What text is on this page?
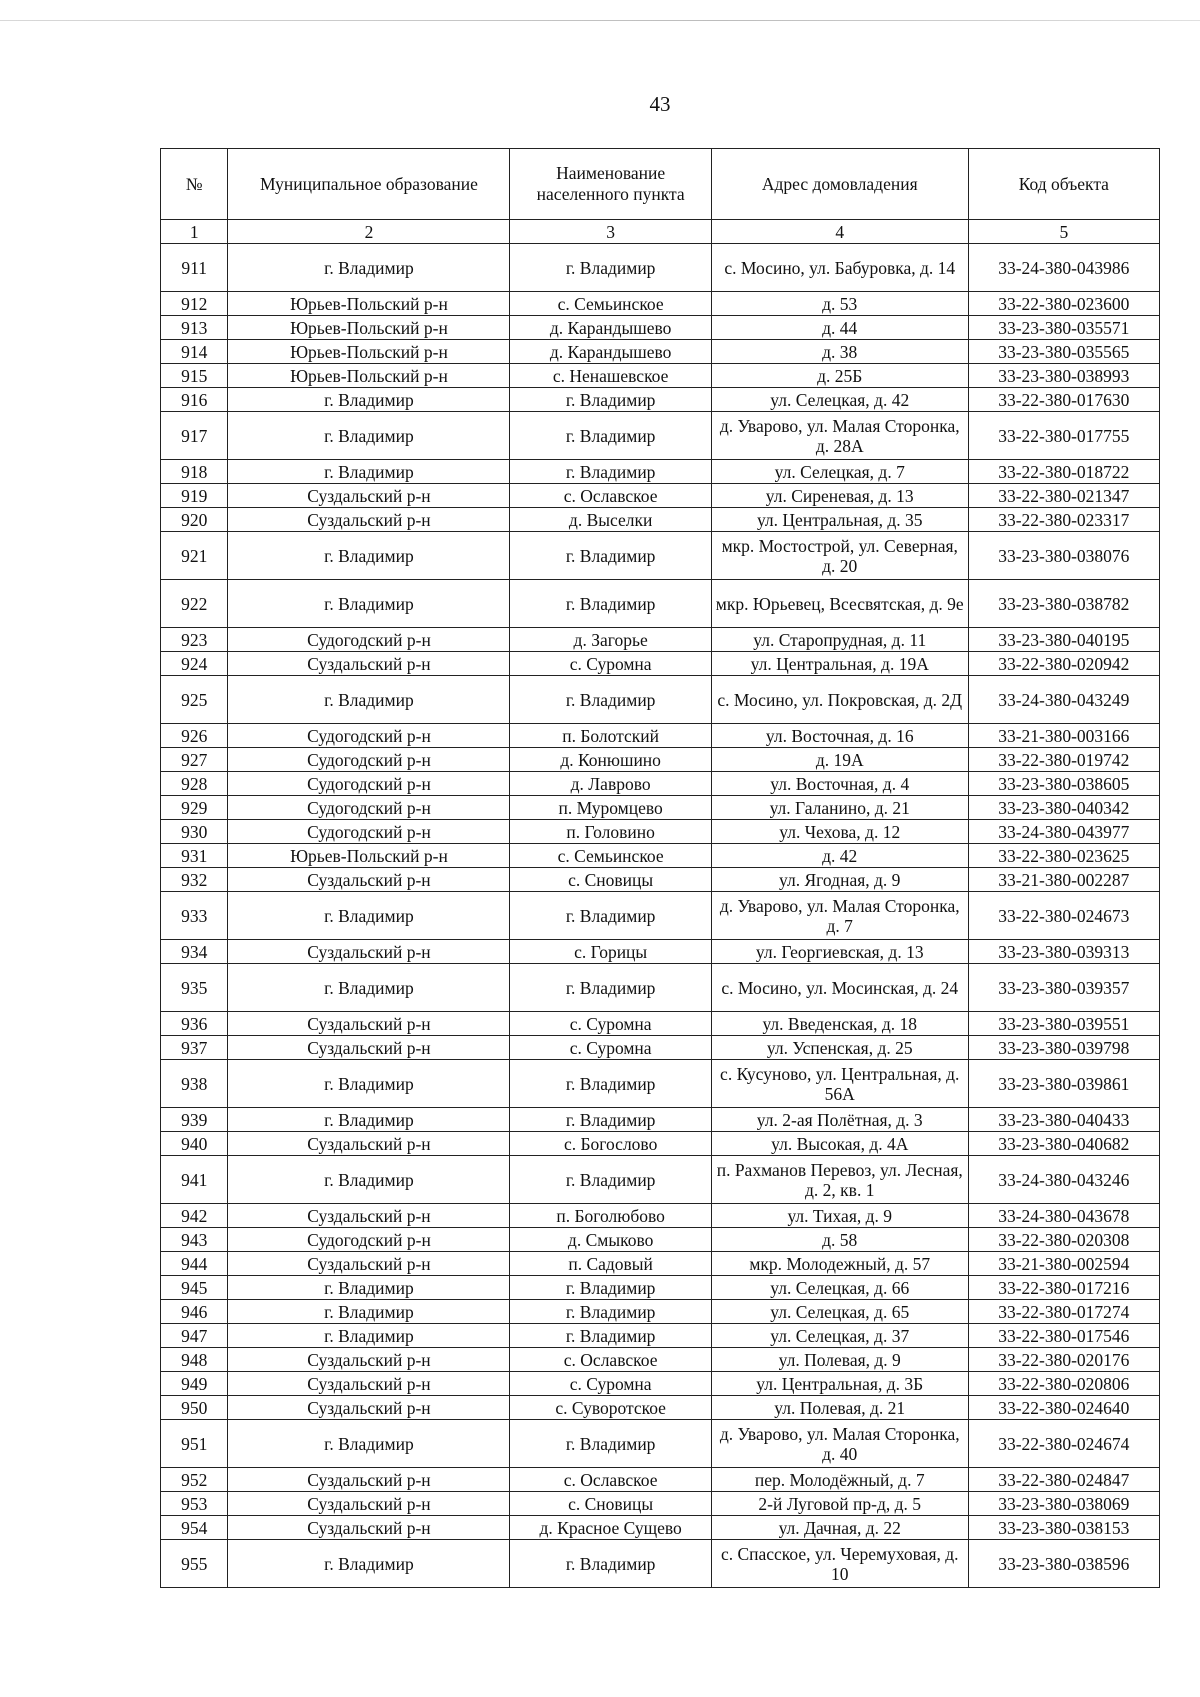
43
№	Муниципальное образование	Наименование населенного пункта	Адрес домовладения	Код объекта
1	2	3	4	5
911	г. Владимир	г. Владимир	с. Мосино, ул. Бабуровка, д. 14	33-24-380-043986
912	Юрьев-Польский р-н	с. Семьинское	д. 53	33-22-380-023600
913	Юрьев-Польский р-н	д. Карандышево	д. 44	33-23-380-035571
914	Юрьев-Польский р-н	д. Карандышево	д. 38	33-23-380-035565
915	Юрьев-Польский р-н	с. Ненашевское	д. 25Б	33-23-380-038993
916	г. Владимир	г. Владимир	ул. Селецкая, д. 42	33-22-380-017630
917	г. Владимир	г. Владимир	д. Уварово, ул. Малая Сторонка, д. 28А	33-22-380-017755
918	г. Владимир	г. Владимир	ул. Селецкая, д. 7	33-22-380-018722
919	Суздальский р-н	с. Ославское	ул. Сиреневая, д. 13	33-22-380-021347
920	Суздальский р-н	д. Выселки	ул. Центральная, д. 35	33-22-380-023317
921	г. Владимир	г. Владимир	мкр. Мостострой, ул. Северная, д. 20	33-23-380-038076
922	г. Владимир	г. Владимир	мкр. Юрьевец, Всесвятская, д. 9е	33-23-380-038782
923	Судогодский р-н	д. Загорье	ул. Старопрудная, д. 11	33-23-380-040195
924	Суздальский р-н	с. Суромна	ул. Центральная, д. 19А	33-22-380-020942
925	г. Владимир	г. Владимир	с. Мосино, ул. Покровская, д. 2Д	33-24-380-043249
926	Судогодский р-н	п. Болотский	ул. Восточная, д. 16	33-21-380-003166
927	Судогодский р-н	д. Конюшино	д. 19А	33-22-380-019742
928	Судогодский р-н	д. Лаврово	ул. Восточная, д. 4	33-23-380-038605
929	Судогодский р-н	п. Муромцево	ул. Галанино, д. 21	33-23-380-040342
930	Судогодский р-н	п. Головино	ул. Чехова, д. 12	33-24-380-043977
931	Юрьев-Польский р-н	с. Семьинское	д. 42	33-22-380-023625
932	Суздальский р-н	с. Сновицы	ул. Ягодная, д. 9	33-21-380-002287
933	г. Владимир	г. Владимир	д. Уварово, ул. Малая Сторонка, д. 7	33-22-380-024673
934	Суздальский р-н	с. Горицы	ул. Георгиевская, д. 13	33-23-380-039313
935	г. Владимир	г. Владимир	с. Мосино, ул. Мосинская, д. 24	33-23-380-039357
936	Суздальский р-н	с. Суромна	ул. Введенская, д. 18	33-23-380-039551
937	Суздальский р-н	с. Суромна	ул. Успенская, д. 25	33-23-380-039798
938	г. Владимир	г. Владимир	с. Кусуново, ул. Центральная, д. 56А	33-23-380-039861
939	г. Владимир	г. Владимир	ул. 2-ая Полётная, д. 3	33-23-380-040433
940	Суздальский р-н	с. Богослово	ул. Высокая, д. 4А	33-23-380-040682
941	г. Владимир	г. Владимир	п. Рахманов Перевоз, ул. Лесная, д. 2, кв. 1	33-24-380-043246
942	Суздальский р-н	п. Боголюбово	ул. Тихая, д. 9	33-24-380-043678
943	Судогодский р-н	д. Смыково	д. 58	33-22-380-020308
944	Суздальский р-н	п. Садовый	мкр. Молодежный, д. 57	33-21-380-002594
945	г. Владимир	г. Владимир	ул. Селецкая, д. 66	33-22-380-017216
946	г. Владимир	г. Владимир	ул. Селецкая, д. 65	33-22-380-017274
947	г. Владимир	г. Владимир	ул. Селецкая, д. 37	33-22-380-017546
948	Суздальский р-н	с. Ославское	ул. Полевая, д. 9	33-22-380-020176
949	Суздальский р-н	с. Суромна	ул. Центральная, д. 3Б	33-22-380-020806
950	Суздальский р-н	с. Суворотское	ул. Полевая, д. 21	33-22-380-024640
951	г. Владимир	г. Владимир	д. Уварово, ул. Малая Сторонка, д. 40	33-22-380-024674
952	Суздальский р-н	с. Ославское	пер. Молодёжный, д. 7	33-22-380-024847
953	Суздальский р-н	с. Сновицы	2-й Луговой пр-д, д. 5	33-23-380-038069
954	Суздальский р-н	д. Красное Сущево	ул. Дачная, д. 22	33-23-380-038153
955	г. Владимир	г. Владимир	с. Спасское, ул. Черемуховая, д. 10	33-23-380-038596
